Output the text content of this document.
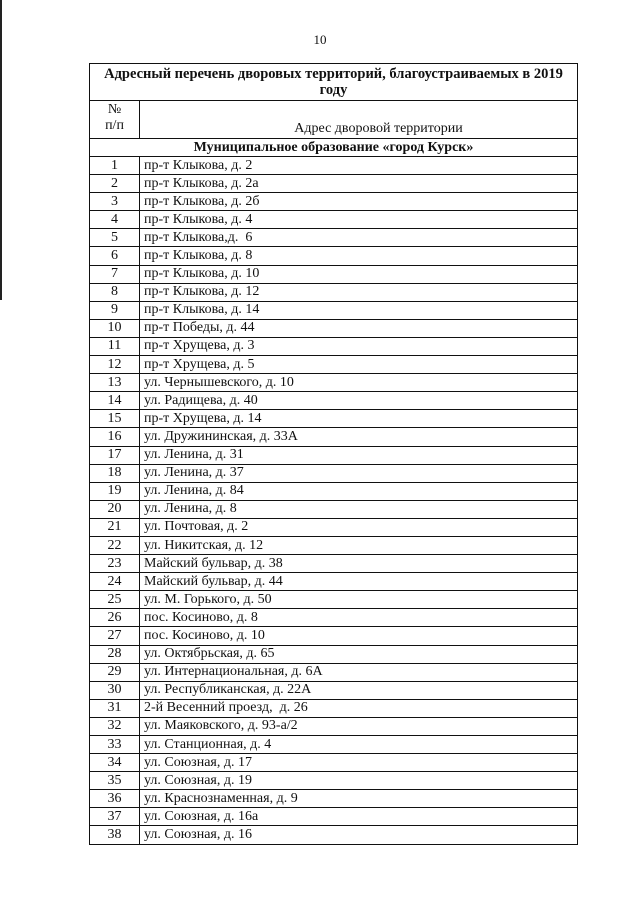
10
Адресный перечень дворовых территорий, благоустраиваемых в 2019 году	
№
п/п	Адрес дворовой территории
Муниципальное образование «город Курск»	
1	пр-т Клыкова, д. 2
2	пр-т Клыкова, д. 2а
3	пр-т Клыкова, д. 2б
4	пр-т Клыкова, д. 4
5	пр-т Клыкова,д.  6
6	пр-т Клыкова, д. 8
7	пр-т Клыкова, д. 10
8	пр-т Клыкова, д. 12
9	пр-т Клыкова, д. 14
10	пр-т Победы, д. 44
11	пр-т Хрущева, д. 3
12	пр-т Хрущева, д. 5
13	ул. Чернышевского, д. 10
14	ул. Радищева, д. 40
15	пр-т Хрущева, д. 14
16	ул. Дружининская, д. 33А
17	ул. Ленина, д. 31
18	ул. Ленина, д. 37
19	ул. Ленина, д. 84
20	ул. Ленина, д. 8
21	ул. Почтовая, д. 2
22	ул. Никитская, д. 12
23	Майский бульвар, д. 38
24	Майский бульвар, д. 44
25	ул. М. Горького, д. 50
26	пос. Косиново, д. 8
27	пос. Косиново, д. 10
28	ул. Октябрьская, д. 65
29	ул. Интернациональная, д. 6А
30	ул. Республиканская, д. 22А
31	2-й Весенний проезд,  д. 26
32	ул. Маяковского, д. 93-а/2
33	ул. Станционная, д. 4
34	ул. Союзная, д. 17
35	ул. Союзная, д. 19
36	ул. Краснознаменная, д. 9
37	ул. Союзная, д. 16а
38	ул. Союзная, д. 16
